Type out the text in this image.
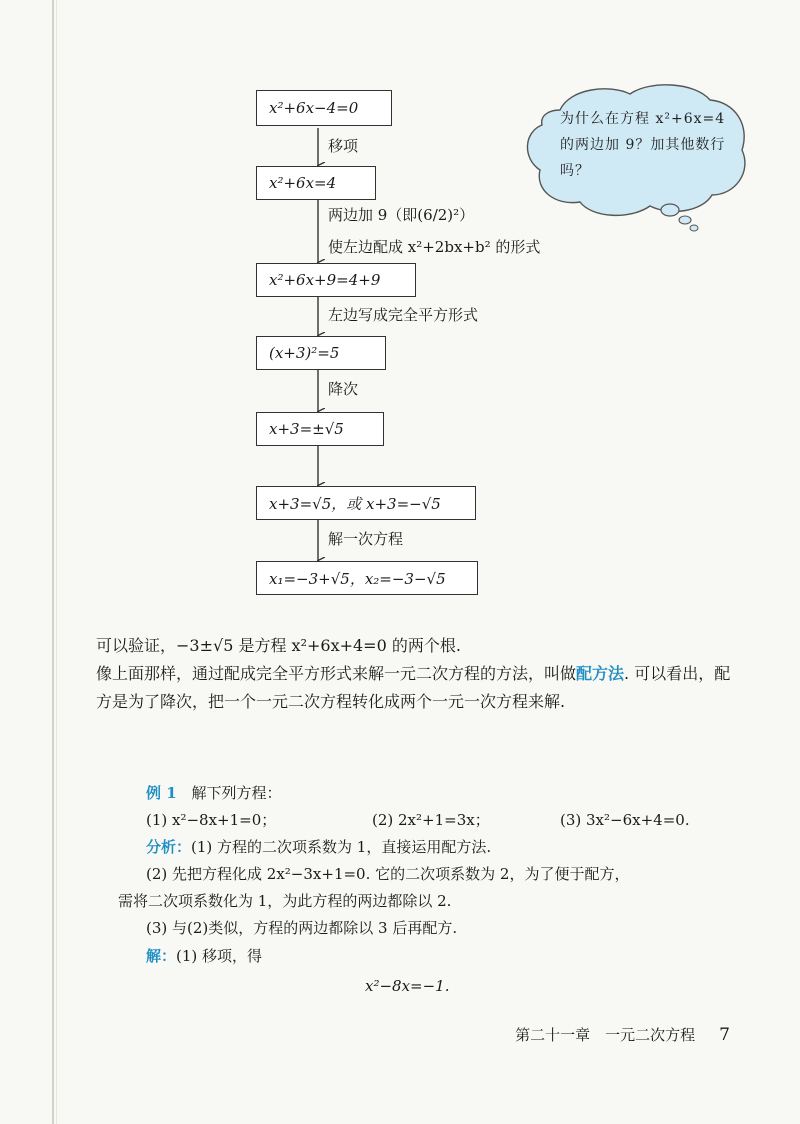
x²+6x−4=0
x²+6x=4
x²+6x+9=4+9
(x+3)²=5
x+3=±√5
x+3=√5，或 x+3=−√5
x₁=−3+√5，x₂=−3−√5
移项
两边加 9（即(6/2)²）
使左边配成 x²+2bx+b² 的形式
左边写成完全平方形式
降次
解一次方程
为什么在方程 x²+6x=4 的两边加 9？加其他数行吗？
可以验证，−3±√5 是方程 x²+6x+4=0 的两个根.
像上面那样，通过配成完全平方形式来解一元二次方程的方法，叫做配方法. 可以看出，配方是为了降次，把一个一元二次方程转化成两个一元一次方程来解.
例 1 解下列方程：
(1) x²−8x+1=0；	(2) 2x²+1=3x；	(3) 3x²−6x+4=0.
分析：(1) 方程的二次项系数为 1，直接运用配方法.
(2) 先把方程化成 2x²−3x+1=0. 它的二次项系数为 2，为了便于配方，
需将二次项系数化为 1，为此方程的两边都除以 2.
(3) 与(2)类似，方程的两边都除以 3 后再配方.
解：(1) 移项，得
x²−8x=−1.
第二十一章　一元二次方程 7
